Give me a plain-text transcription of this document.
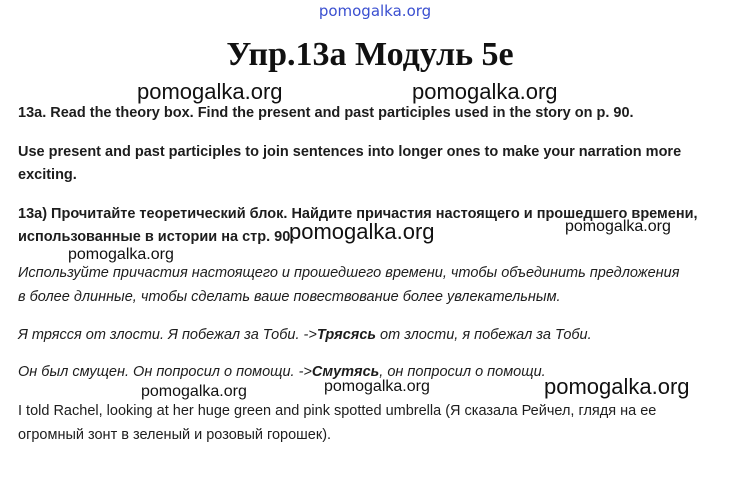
pomogalka.org
Упр.13а Модуль 5е
pomogalka.org	pomogalka.org
13a. Read the theory box. Find the present and past participles used in the story on p. 90.
Use present and past participles to join sentences into longer ones to make your narration more
exciting.
13а) Прочитайте теоретический блок. Найдите причастия настоящего и прошедшего времени,
использованные в истории на стр. 90.
pomogalka.org	pomogalka.org
pomogalka.org
Используйте причастия настоящего и прошедшего времени, чтобы объединить предложения
в более длинные, чтобы сделать ваше повествование более увлекательным.
Я трясся от злости. Я побежал за Тоби. ->Трясясь от злости, я побежал за Тоби.
Он был смущен. Он попросил о помощи. ->Смутясь, он попросил о помощи.
pomogalka.org	pomogalka.org	pomogalka.org
I told Rachel, looking at her huge green and pink spotted umbrella (Я сказала Рейчел, глядя на ее
огромный зонт в зеленый и розовый горошек).
